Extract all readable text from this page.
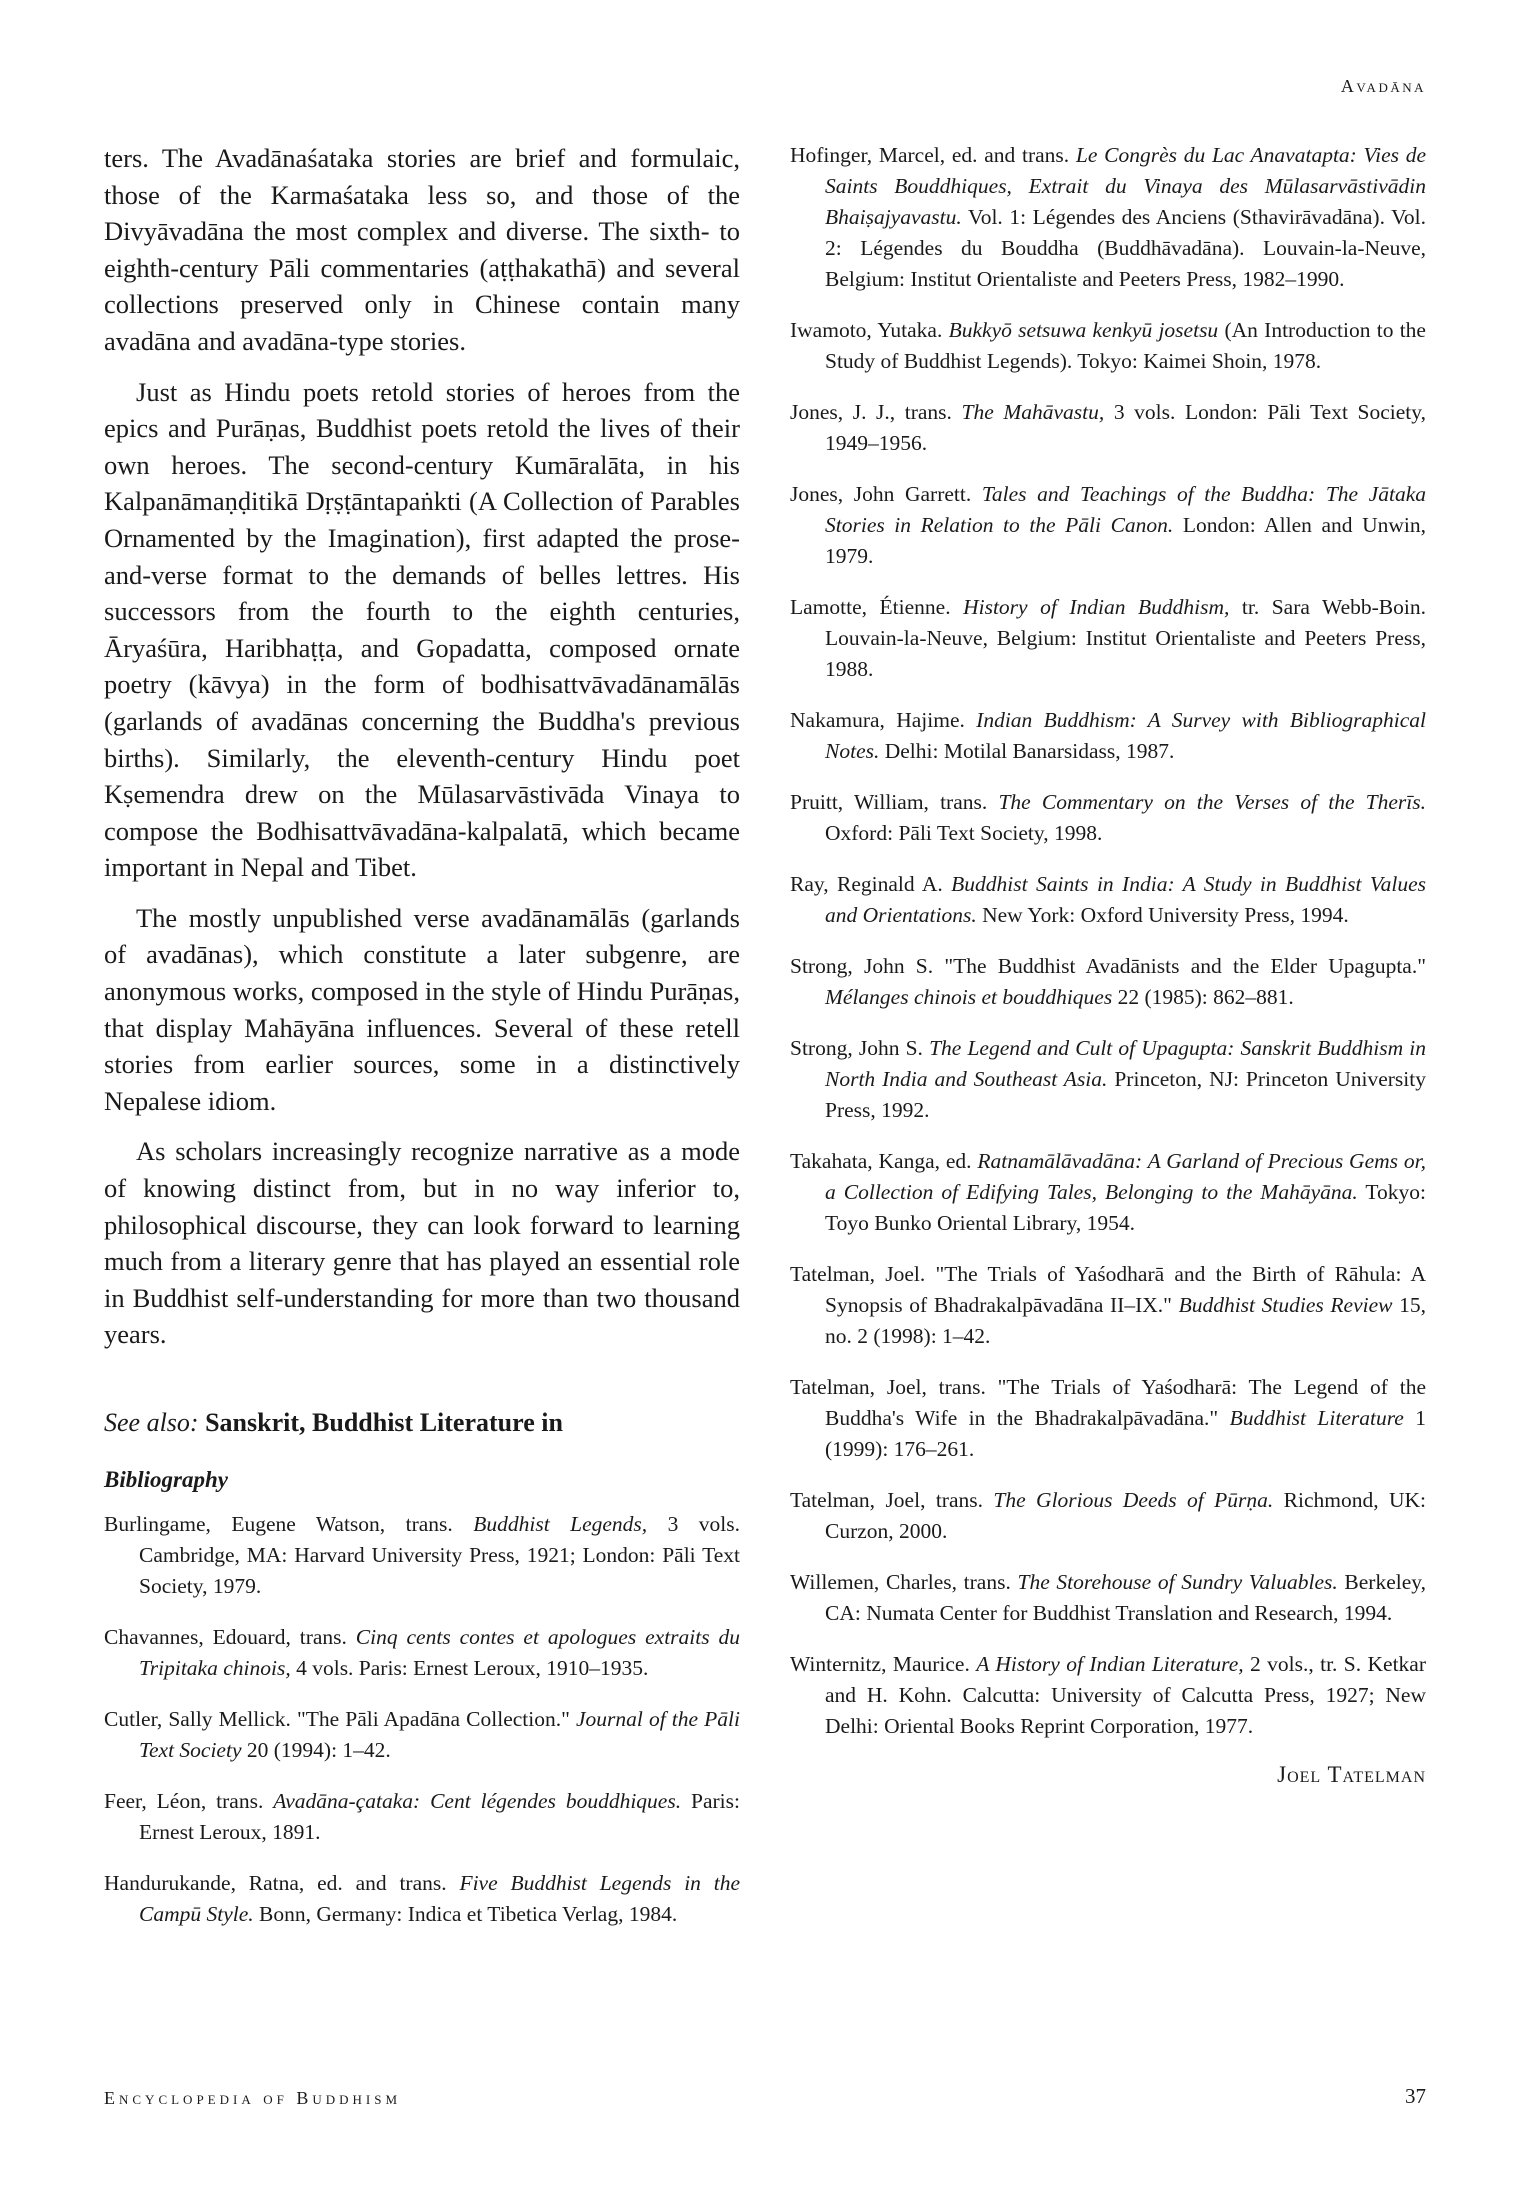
Avadāna

ters. The Avadānaśataka stories are brief and formulaic, those of the Karmaśataka less so, and those of the Divyāvadāna the most complex and diverse. The sixth- to eighth-century Pāli commentaries (aṭṭhakathā) and several collections preserved only in Chinese contain many avadāna and avadāna-type stories.

Just as Hindu poets retold stories of heroes from the epics and Purāṇas, Buddhist poets retold the lives of their own heroes. The second-century Kumāralāta, in his Kalpanāmaṇḍitikā Dṛṣṭāntapaṅkti (A Collection of Parables Ornamented by the Imagination), first adapted the prose-and-verse format to the demands of belles lettres. His successors from the fourth to the eighth centuries, Āryaśūra, Haribhaṭṭa, and Gopadatta, composed ornate poetry (kāvya) in the form of bodhisattvāvadānamālās (garlands of avadānas concerning the Buddha's previous births). Similarly, the eleventh-century Hindu poet Kṣemendra drew on the Mūlasarvāstivāda Vinaya to compose the Bodhisattvāvadāna-kalpalatā, which became important in Nepal and Tibet.

The mostly unpublished verse avadānamālās (garlands of avadānas), which constitute a later subgenre, are anonymous works, composed in the style of Hindu Purāṇas, that display Mahāyāna influences. Several of these retell stories from earlier sources, some in a distinctively Nepalese idiom.

As scholars increasingly recognize narrative as a mode of knowing distinct from, but in no way inferior to, philosophical discourse, they can look forward to learning much from a literary genre that has played an essential role in Buddhist self-understanding for more than two thousand years.

See also: Sanskrit, Buddhist Literature in
Bibliography

Burlingame, Eugene Watson, trans. Buddhist Legends, 3 vols. Cambridge, MA: Harvard University Press, 1921; London: Pāli Text Society, 1979.

Chavannes, Edouard, trans. Cinq cents contes et apologues extraits du Tripitaka chinois, 4 vols. Paris: Ernest Leroux, 1910–1935.

Cutler, Sally Mellick. "The Pāli Apadāna Collection." Journal of the Pāli Text Society 20 (1994): 1–42.

Feer, Léon, trans. Avadāna-çataka: Cent légendes bouddhiques. Paris: Ernest Leroux, 1891.

Handurukande, Ratna, ed. and trans. Five Buddhist Legends in the Campū Style. Bonn, Germany: Indica et Tibetica Verlag, 1984.

Hofinger, Marcel, ed. and trans. Le Congrès du Lac Anavatapta: Vies de Saints Bouddhiques, Extrait du Vinaya des Mūlasarvāstivādin Bhaiṣajyavastu. Vol. 1: Légendes des Anciens (Sthavirāvadāna). Vol. 2: Légendes du Bouddha (Buddhāvadāna). Louvain-la-Neuve, Belgium: Institut Orientaliste and Peeters Press, 1982–1990.

Iwamoto, Yutaka. Bukkyō setsuwa kenkyū josetsu (An Introduction to the Study of Buddhist Legends). Tokyo: Kaimei Shoin, 1978.

Jones, J. J., trans. The Mahāvastu, 3 vols. London: Pāli Text Society, 1949–1956.

Jones, John Garrett. Tales and Teachings of the Buddha: The Jātaka Stories in Relation to the Pāli Canon. London: Allen and Unwin, 1979.

Lamotte, Étienne. History of Indian Buddhism, tr. Sara Webb-Boin. Louvain-la-Neuve, Belgium: Institut Orientaliste and Peeters Press, 1988.

Nakamura, Hajime. Indian Buddhism: A Survey with Bibliographical Notes. Delhi: Motilal Banarsidass, 1987.

Pruitt, William, trans. The Commentary on the Verses of the Therīs. Oxford: Pāli Text Society, 1998.

Ray, Reginald A. Buddhist Saints in India: A Study in Buddhist Values and Orientations. New York: Oxford University Press, 1994.

Strong, John S. "The Buddhist Avadānists and the Elder Upagupta." Mélanges chinois et bouddhiques 22 (1985): 862–881.

Strong, John S. The Legend and Cult of Upagupta: Sanskrit Buddhism in North India and Southeast Asia. Princeton, NJ: Princeton University Press, 1992.

Takahata, Kanga, ed. Ratnamālāvadāna: A Garland of Precious Gems or, a Collection of Edifying Tales, Belonging to the Mahāyāna. Tokyo: Toyo Bunko Oriental Library, 1954.

Tatelman, Joel. "The Trials of Yaśodharā and the Birth of Rāhula: A Synopsis of Bhadrakalpāvadāna II–IX." Buddhist Studies Review 15, no. 2 (1998): 1–42.

Tatelman, Joel, trans. "The Trials of Yaśodharā: The Legend of the Buddha's Wife in the Bhadrakalpāvadāna." Buddhist Literature 1 (1999): 176–261.

Tatelman, Joel, trans. The Glorious Deeds of Pūrṇa. Richmond, UK: Curzon, 2000.

Willemen, Charles, trans. The Storehouse of Sundry Valuables. Berkeley, CA: Numata Center for Buddhist Translation and Research, 1994.

Winternitz, Maurice. A History of Indian Literature, 2 vols., tr. S. Ketkar and H. Kohn. Calcutta: University of Calcutta Press, 1927; New Delhi: Oriental Books Reprint Corporation, 1977.

Joel Tatelman
Encyclopedia of Buddhism	37
